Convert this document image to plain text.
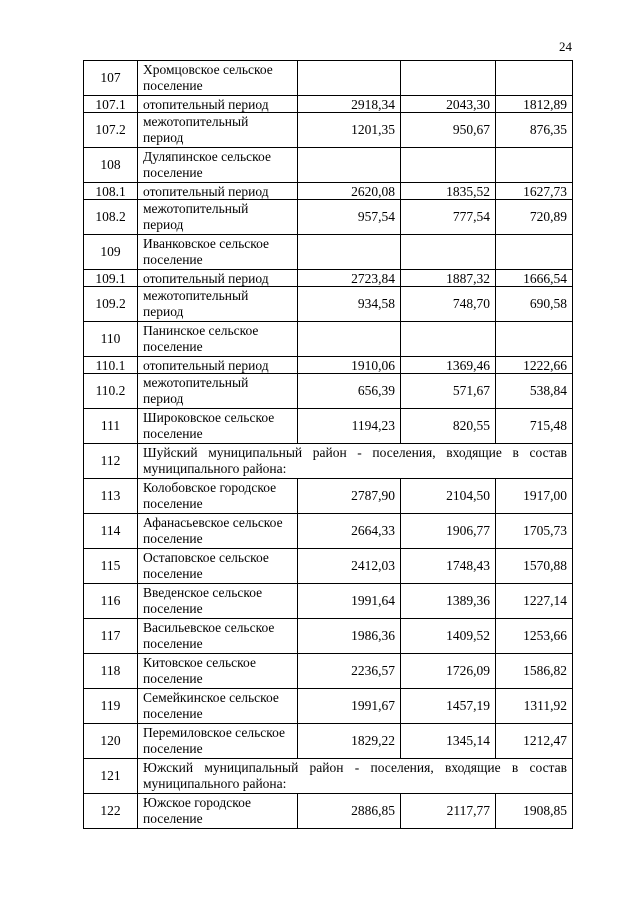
24
107	Хромцовское сельское поселение			
107.1	отопительный период	2918,34	2043,30	1812,89
107.2	межотопительный период	1201,35	950,67	876,35
108	Дуляпинское сельское поселение			
108.1	отопительный период	2620,08	1835,52	1627,73
108.2	межотопительный период	957,54	777,54	720,89
109	Иванковское сельское поселение			
109.1	отопительный период	2723,84	1887,32	1666,54
109.2	межотопительный период	934,58	748,70	690,58
110	Панинское сельское поселение			
110.1	отопительный период	1910,06	1369,46	1222,66
110.2	межотопительный период	656,39	571,67	538,84
111	Широковское сельское поселение	1194,23	820,55	715,48
112	Шуйский муниципальный район - поселения, входящие в состав муниципального района:			
113	Колобовское городское поселение	2787,90	2104,50	1917,00
114	Афанасьевское сельское поселение	2664,33	1906,77	1705,73
115	Остаповское сельское поселение	2412,03	1748,43	1570,88
116	Введенское сельское поселение	1991,64	1389,36	1227,14
117	Васильевское сельское поселение	1986,36	1409,52	1253,66
118	Китовское сельское поселение	2236,57	1726,09	1586,82
119	Семейкинское сельское поселение	1991,67	1457,19	1311,92
120	Перемиловское сельское поселение	1829,22	1345,14	1212,47
121	Южский муниципальный район - поселения, входящие в состав муниципального района:			
122	Южское городское поселение	2886,85	2117,77	1908,85
